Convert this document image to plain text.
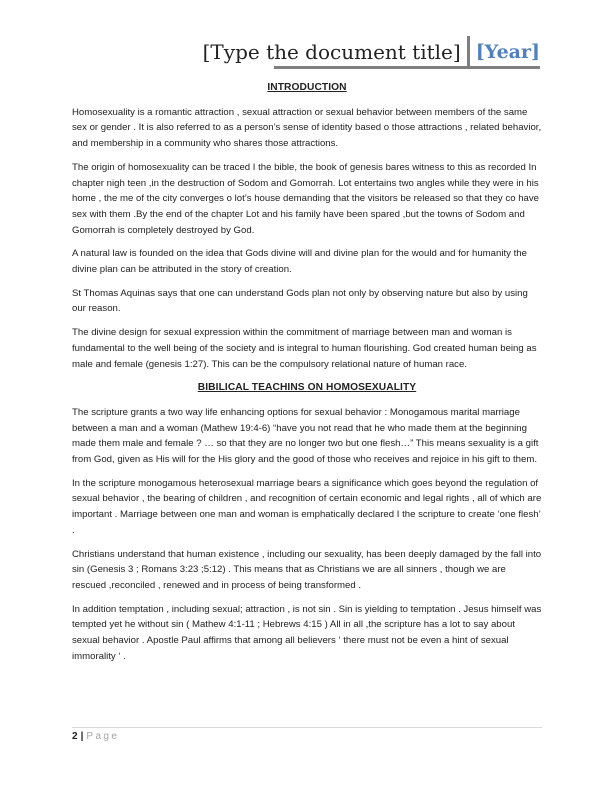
[Type the document title] [Year]
INTRODUCTION

Homosexuality is a romantic attraction , sexual attraction or sexual behavior between members of the same sex or gender . It is also referred to as a person’s sense of identity based o those attractions , related behavior, and membership in a community who shares those attractions.

The origin of homosexuality can be traced I the bible, the book of genesis bares witness to this as recorded In chapter nigh teen ,in the destruction of Sodom and Gomorrah. Lot entertains two angles while they were in his home , the me of the city converges o lot’s house demanding that the visitors be released so that they co have sex with them .By the end of the chapter Lot and his family have been spared ,but the towns of Sodom and Gomorrah is completely destroyed by God.

A natural law is founded on the idea that Gods divine will and divine plan for the would and for humanity the divine plan can be attributed in the story of creation.

St Thomas Aquinas says that one can understand Gods plan not only by observing nature but also by using our reason.

The divine design for sexual expression within the commitment of marriage between man and woman is fundamental to the well being of the society and is integral to human flourishing. God created human being as male and female (genesis 1:27). This can be the compulsory relational nature of human race.

BIBILICAL TEACHINS ON HOMOSEXUALITY

The scripture grants a two way life enhancing options for sexual behavior : Monogamous marital marriage between a man and a woman (Mathew 19:4-6) “have you not read that he who made them at the beginning made them male and female ? … so that they are no longer two but one flesh…” This means sexuality is a gift from God, given as His will for the His glory and the good of those who receives and rejoice in his gift to them.

In the scripture monogamous heterosexual marriage bears a significance which goes beyond the regulation of sexual behavior , the bearing of children , and recognition of certain economic and legal rights , all of which are important . Marriage between one man and woman is emphatically declared I the scripture to create ‘one flesh’ .

Christians understand that human existence , including our sexuality, has been deeply damaged by the fall into sin (Genesis 3 ; Romans 3:23 ;5:12) . This means that as Christians we are all sinners , though we are rescued ,reconciled , renewed and in process of being transformed .

In addition temptation , including sexual; attraction , is not sin . Sin is yielding to temptation . Jesus himself was tempted yet he without sin ( Mathew 4:1-11 ; Hebrews 4:15 ) All in all ,the scripture has a lot to say about sexual behavior . Apostle Paul affirms that among all believers ‘ there must not be even a hint of sexual immorality ‘ .

2 | Page
